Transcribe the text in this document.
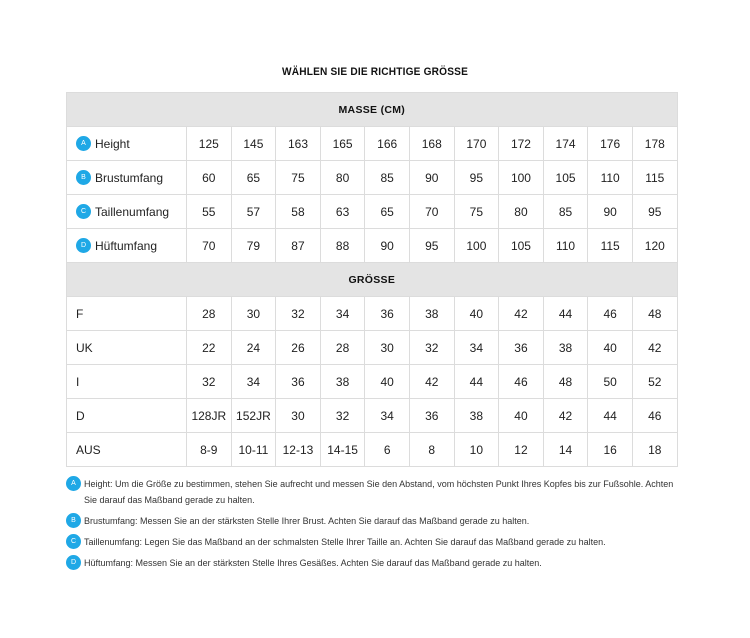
WÄHLEN SIE DIE RICHTIGE GRÖSSE
MASSE (CM)											
A Height	125	145	163	165	166	168	170	172	174	176	178
B Brustumfang	60	65	75	80	85	90	95	100	105	110	115
C Taillenumfang	55	57	58	63	65	70	75	80	85	90	95
D Hüftumfang	70	79	87	88	90	95	100	105	110	115	120
GRÖSSE											
F	28	30	32	34	36	38	40	42	44	46	48
UK	22	24	26	28	30	32	34	36	38	40	42
I	32	34	36	38	40	42	44	46	48	50	52
D	128JR	152JR	30	32	34	36	38	40	42	44	46
AUS	8-9	10-11	12-13	14-15	6	8	10	12	14	16	18
A Height: Um die Größe zu bestimmen, stehen Sie aufrecht und messen Sie den Abstand, vom höchsten Punkt Ihres Kopfes bis zur Fußsohle. Achten Sie darauf das Maßband gerade zu halten.
B Brustumfang: Messen Sie an der stärksten Stelle Ihrer Brust. Achten Sie darauf das Maßband gerade zu halten.
C Taillenumfang: Legen Sie das Maßband an der schmalsten Stelle Ihrer Taille an. Achten Sie darauf das Maßband gerade zu halten.
D Hüftumfang: Messen Sie an der stärksten Stelle Ihres Gesäßes. Achten Sie darauf das Maßband gerade zu halten.
